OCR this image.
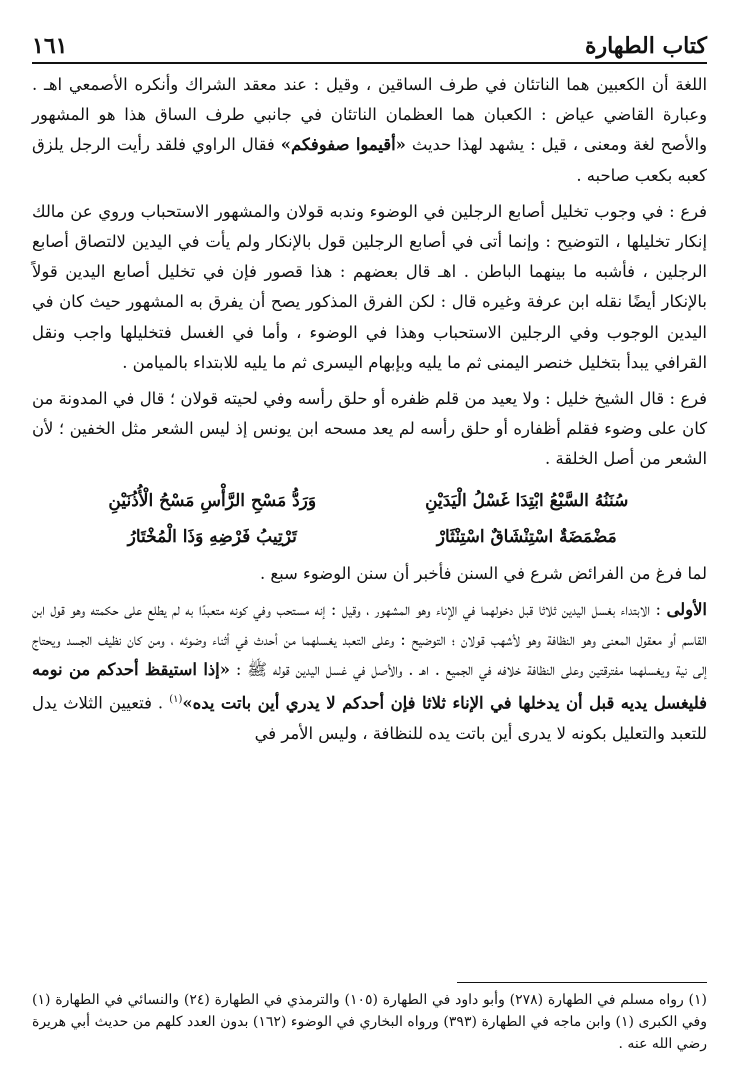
كتاب الطهارة
١٦١

اللغة أن الكعبين هما الناتئان في طرف الساقين ، وقيل : عند معقد الشراك وأنكره الأصمعي اهـ . وعبارة القاضي عياض : الكعبان هما العظمان الناتئان في جانبي طرف الساق هذا هو المشهور والأصح لغة ومعنى ، قيل : يشهد لهذا حديث «أقيموا صفوفكم» فقال الراوي فلقد رأيت الرجل يلزق كعبه بكعب صاحبه .

فرع : في وجوب تخليل أصابع الرجلين في الوضوء وندبه قولان والمشهور الاستحباب وروي عن مالك إنكار تخليلها ، التوضيح : وإنما أتى في أصابع الرجلين قول بالإنكار ولم يأت في اليدين لالتصاق أصابع الرجلين ، فأشبه ما بينهما الباطن . اهـ قال بعضهم : هذا قصور فإن في تخليل أصابع اليدين قولاً بالإنكار أيضًا نقله ابن عرفة وغيره قال : لكن الفرق المذكور يصح أن يفرق به المشهور حيث كان في اليدين الوجوب وفي الرجلين الاستحباب وهذا في الوضوء ، وأما في الغسل فتخليلها واجب ونقل القرافي يبدأ بتخليل خنصر اليمنى ثم ما يليه وبإبهام اليسرى ثم ما يليه للابتداء بالميامن .

فرع : قال الشيخ خليل : ولا يعيد من قلم ظفره أو حلق رأسه وفي لحيته قولان ؛ قال في المدونة من كان على وضوء فقلم أظفاره أو حلق رأسه لم يعد مسحه ابن يونس إذ ليس الشعر مثل الخفين ؛ لأن الشعر من أصل الخلقة .

سُنَنُهُ السَّبْعُ ابْتِدَا غَسْلُ الْيَدَيْنِ
وَرَدُّ مَسْحِ الرَّأْسِ مَسْحُ الْأُذُنَيْنِ
مَضْمَضَةٌ اسْتِنْشَاقٌ اسْتِنْثَارْ
تَرْتِيبُ فَرْضِهِ وَذَا الْمُخْتَارُ

لما فرغ من الفرائض شرع في السنن فأخبر أن سنن الوضوء سبع .

الأولى : الابتداء بغسل اليدين ثلاثا قبل دخولهما في الإناء وهو المشهور ، وقيل : إنه مستحب وفي كونه متعبدًا به لم يطلع على حكمته وهو قول ابن القاسم أو معقول المعنى وهو النظافة وهو لأشهب قولان ؛ التوضيح : وعلى التعبد يغسلهما من أحدث في أثناء وضوئه ، ومن كان نظيف الجسد ويحتاج إلى نية ويغسلهما مفترقتين وعلى النظافة خلافه في الجميع . اهـ . والأصل في غسل اليدين قوله ﷺ : «إذا استيقظ أحدكم من نومه فليغسل يديه قبل أن يدخلها في الإناء ثلاثا فإن أحدكم لا يدري أين باتت يده»$^{(١)}$ . فتعيين الثلاث يدل للتعبد والتعليل بكونه لا يدرى أين باتت يده للنظافة ، وليس الأمر في

(١) رواه مسلم في الطهارة (٢٧٨) وأبو داود في الطهارة (١٠٥) والترمذي في الطهارة (٢٤) والنسائي في الطهارة (١) وفي الكبرى (١) وابن ماجه في الطهارة (٣٩٣) ورواه البخاري في الوضوء (١٦٢) بدون العدد كلهم من حديث أبي هريرة رضي الله عنه .
